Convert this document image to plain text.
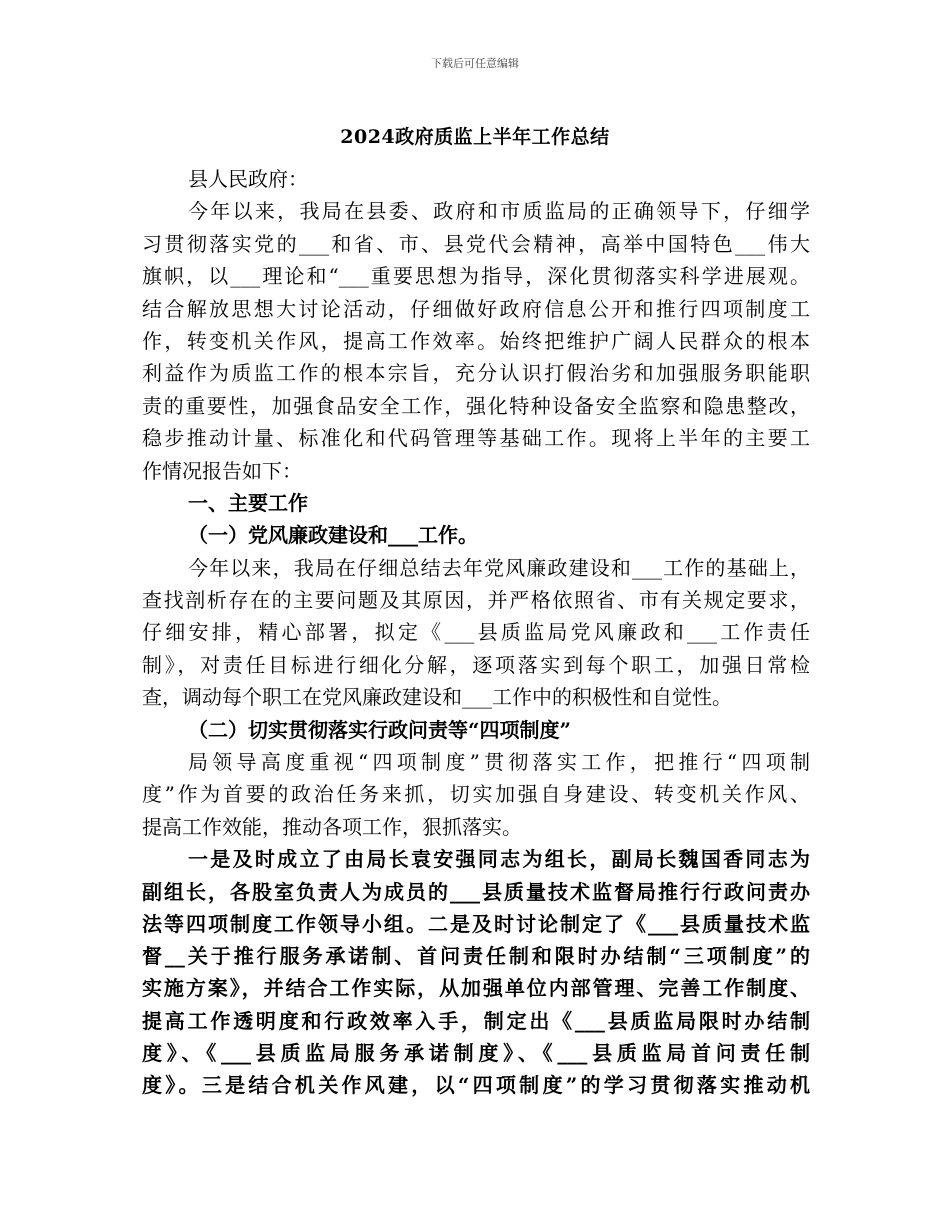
下载后可任意编辑
2024政府质监上半年工作总结
县人民政府：
今年以来，我局在县委、政府和市质监局的正确领导下，仔细学
习贯彻落实党的___和省、市、县党代会精神，高举中国特色___伟大
旗帜，以___理论和“___重要思想为指导，深化贯彻落实科学进展观。
结合解放思想大讨论活动，仔细做好政府信息公开和推行四项制度工
作，转变机关作风，提高工作效率。始终把维护广阔人民群众的根本
利益作为质监工作的根本宗旨，充分认识打假治劣和加强服务职能职
责的重要性，加强食品安全工作，强化特种设备安全监察和隐患整改，
稳步推动计量、标准化和代码管理等基础工作。现将上半年的主要工
作情况报告如下：
一、主要工作
（一）党风廉政建设和___工作。
今年以来，我局在仔细总结去年党风廉政建设和___工作的基础上，
查找剖析存在的主要问题及其原因，并严格依照省、市有关规定要求，
仔细安排，精心部署，拟定《___县质监局党风廉政和___工作责任
制》，对责任目标进行细化分解，逐项落实到每个职工，加强日常检
查，调动每个职工在党风廉政建设和___工作中的积极性和自觉性。
（二）切实贯彻落实行政问责等“四项制度”
局领导高度重视“四项制度”贯彻落实工作，把推行“四项制
度”作为首要的政治任务来抓，切实加强自身建设、转变机关作风、
提高工作效能，推动各项工作，狠抓落实。
一是及时成立了由局长袁安强同志为组长，副局长魏国香同志为
副组长，各股室负责人为成员的___县质量技术监督局推行行政问责办
法等四项制度工作领导小组。二是及时讨论制定了《___县质量技术监
督__关于推行服务承诺制、首问责任制和限时办结制“三项制度”的
实施方案》，并结合工作实际，从加强单位内部管理、完善工作制度、
提高工作透明度和行政效率入手，制定出《___县质监局限时办结制
度》、《___县质监局服务承诺制度》、《___县质监局首问责任制
度》。三是结合机关作风建，以“四项制度”的学习贯彻落实推动机
